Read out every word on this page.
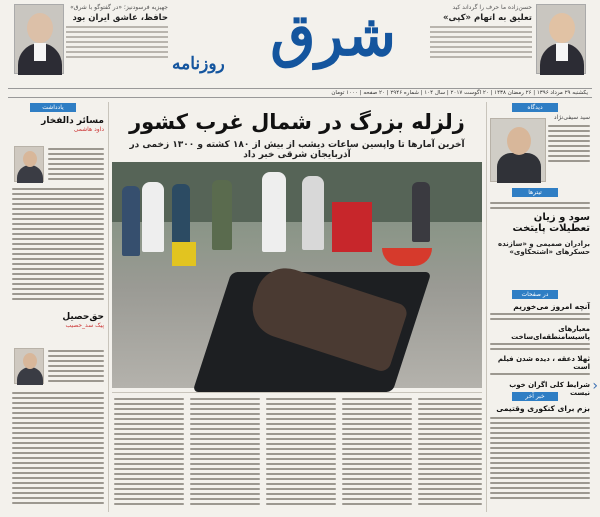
جهیزیه فرسودنیز؛ «در گفتوگو با شرق»
حافظ، عاشق ایران بود
حسن‌زاده ما حرف را گرداند کید
تعلیق به اتهام «کپی»
شرق
روزنامه
یکشنبه ۲۹ مرداد ۱۳۹۶ | ۲۶ رمضان ۱۴۳۸ | ۲۰ اگوست ۲۰۱۷ | سال ۱۰۴ | شماره ۲۹۴۶ | ۲۰ صفحه | ۱۰۰۰ تومان
یادداشت	دیدگاه
تیترها
در صفحات
خبر آخر
زلزله بزرگ در شمال غرب کشور
آخرین آمارها تا واپسین ساعات دیشب از بیش از ۱۸۰ کشته و ۱۳۰۰ زخمی در آذربایجان شرقی خبر داد
مسائر دالفخار
داود هاشمی
حق‌حصیل
پیک سد_حصیب
سید سیفی‌نژاد
سود و زیان
تعطیلات پایتخت
برادران صمیمی و «سازنده حسکرهای «اشتحکاوی»
آنچه امروز می‌خوریم
معیارهای پاسیسامنطقه‌ای‌ساخت
ثهلا دعقه ، دیده شدن فیلم است
شرایط کلی اگران خوب نیست
بزم برای کنکوری وقتیمی
‹
